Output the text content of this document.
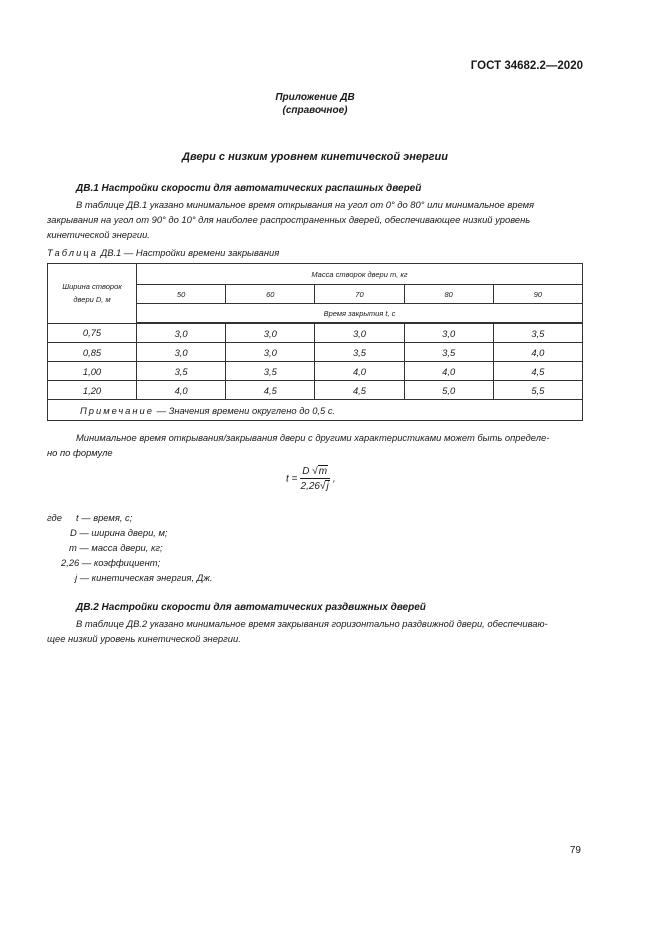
ГОСТ 34682.2—2020
Приложение ДВ
(справочное)
Двери с низким уровнем кинетической энергии
ДВ.1 Настройки скорости для автоматических распашных дверей
В таблице ДВ.1 указано минимальное время открывания на угол от 0° до 80° или минимальное время
закрывания на угол от 90° до 10° для наиболее распространенных дверей, обеспечивающее низкий уровень
кинетической энергии.
Таблица ДВ.1 — Настройки времени закрывания
Ширина створок
двери D, м	Масса створок двери m, кг				
	50	60	70	80	90
	Время закрытия t, с				
0,75	3,0	3,0	3,0	3,0	3,5
0,85	3,0	3,0	3,5	3,5	4,0
1,00	3,5	3,5	4,0	4,0	4,5
1,20	4,0	4,5	4,5	5,0	5,5
Примечание — Значения времени округлено до 0,5 с.					
Минимальное время открывания/закрывания двери с другими характеристиками может быть определе-
но по формуле
$t = \frac{D √m}{2,26√j}$ ,
где t — время, с;
D — ширина двери, м;
m — масса двери, кг;
2,26 — коэффициент;
j — кинетическая энергия, Дж.
ДВ.2 Настройки скорости для автоматических раздвижных дверей
В таблице ДВ.2 указано минимальное время закрывания горизонтально раздвижной двери, обеспечиваю-
щее низкий уровень кинетической энергии.
79
